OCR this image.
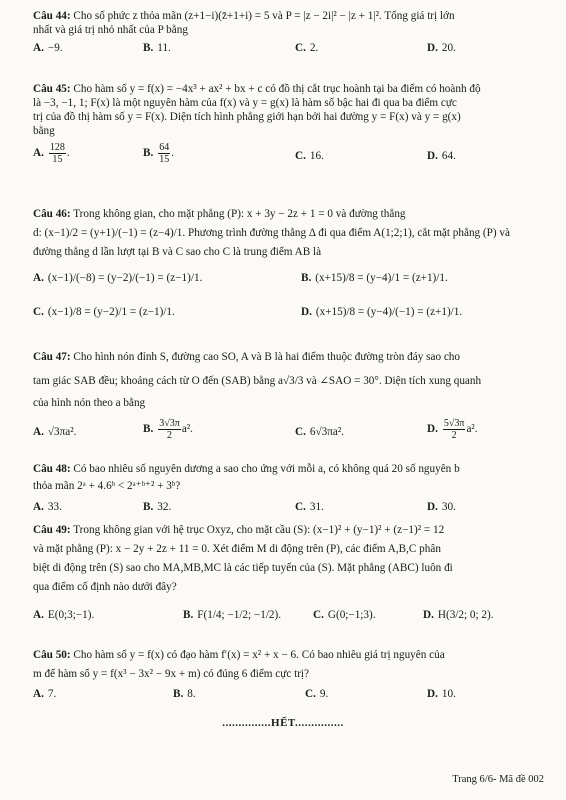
Câu 44: Cho số phức z thỏa mãn (z+1−i)(z̄+1+i) = 5 và P = |z − 2i|² − |z + 1|². Tổng giá trị lớn
nhất và giá trị nhỏ nhất của P bằng
A. −9.	B. 11.	C. 2.	D. 20.
Câu 45: Cho hàm số y = f(x) = −4x³ + ax² + bx + c có đồ thị cắt trục hoành tại ba điểm có hoành độ
là −3, −1, 1; F(x) là một nguyên hàm của f(x) và y = g(x) là hàm số bậc hai đi qua ba điểm cực
trị của đồ thị hàm số y = F(x). Diện tích hình phẳng giới hạn bởi hai đường y = F(x) và y = g(x)
bằng
A. $\frac{128}{15}$ .	B. $\frac{64}{15}$ .	C. 16.	D. 64.
Câu 46: Trong không gian, cho mặt phẳng (P): x + 3y − 2z + 1 = 0 và đường thẳng
d: (x−1)/2 = (y+1)/(−1) = (z−4)/1. Phương trình đường thẳng Δ đi qua điểm A(1;2;1), cắt mặt phẳng (P) và
đường thẳng d lần lượt tại B và C sao cho C là trung điểm AB là
A. (x−1)/(−8) = (y−2)/(−1) = (z−1)/1.	B. (x+15)/8 = (y−4)/1 = (z+1)/1.
C. (x−1)/8 = (y−2)/1 = (z−1)/1.	D. (x+15)/8 = (y−4)/(−1) = (z+1)/1.
Câu 47: Cho hình nón đỉnh S, đường cao SO, A và B là hai điểm thuộc đường tròn đáy sao cho
tam giác SAB đều; khoảng cách từ O đến (SAB) bằng a√3/3 và ∠SAO = 30°. Diện tích xung quanh
của hình nón theo a bằng
A. √3πa².	B. $\frac{3√3\pi}{2} a^2$.	C. 6√3πa².	D. $\frac{5√3\pi}{2} a^2$.
Câu 48: Có bao nhiêu số nguyên dương a sao cho ứng với mỗi a, có không quá 20 số nguyên b
thỏa mãn 2ᵃ + 4.6ᵇ < 2ᵃ⁺ᵇ⁺² + 3ᵇ?
A. 33.	B. 32.	C. 31.	D. 30.
Câu 49: Trong không gian với hệ trục Oxyz, cho mặt cầu (S): (x−1)² + (y−1)² + (z−1)² = 12
và mặt phẳng (P): x − 2y + 2z + 11 = 0. Xét điểm M di động trên (P), các điểm A,B,C phân
biệt di động trên (S) sao cho MA,MB,MC là các tiếp tuyến của (S). Mặt phẳng (ABC) luôn đi
qua điểm cố định nào dưới đây?
A. E(0;3;−1).	B. F(1/4; −1/2; −1/2).	C. G(0;−1;3).	D. H(3/2; 0; 2).
Câu 50: Cho hàm số y = f(x) có đạo hàm f′(x) = x² + x − 6. Có bao nhiêu giá trị nguyên của
m để hàm số y = f(x³ − 3x² − 9x + m) có đúng 6 điểm cực trị?
A. 7.	B. 8.	C. 9.	D. 10.
...............HẾT...............
Trang 6/6- Mã đề 002
